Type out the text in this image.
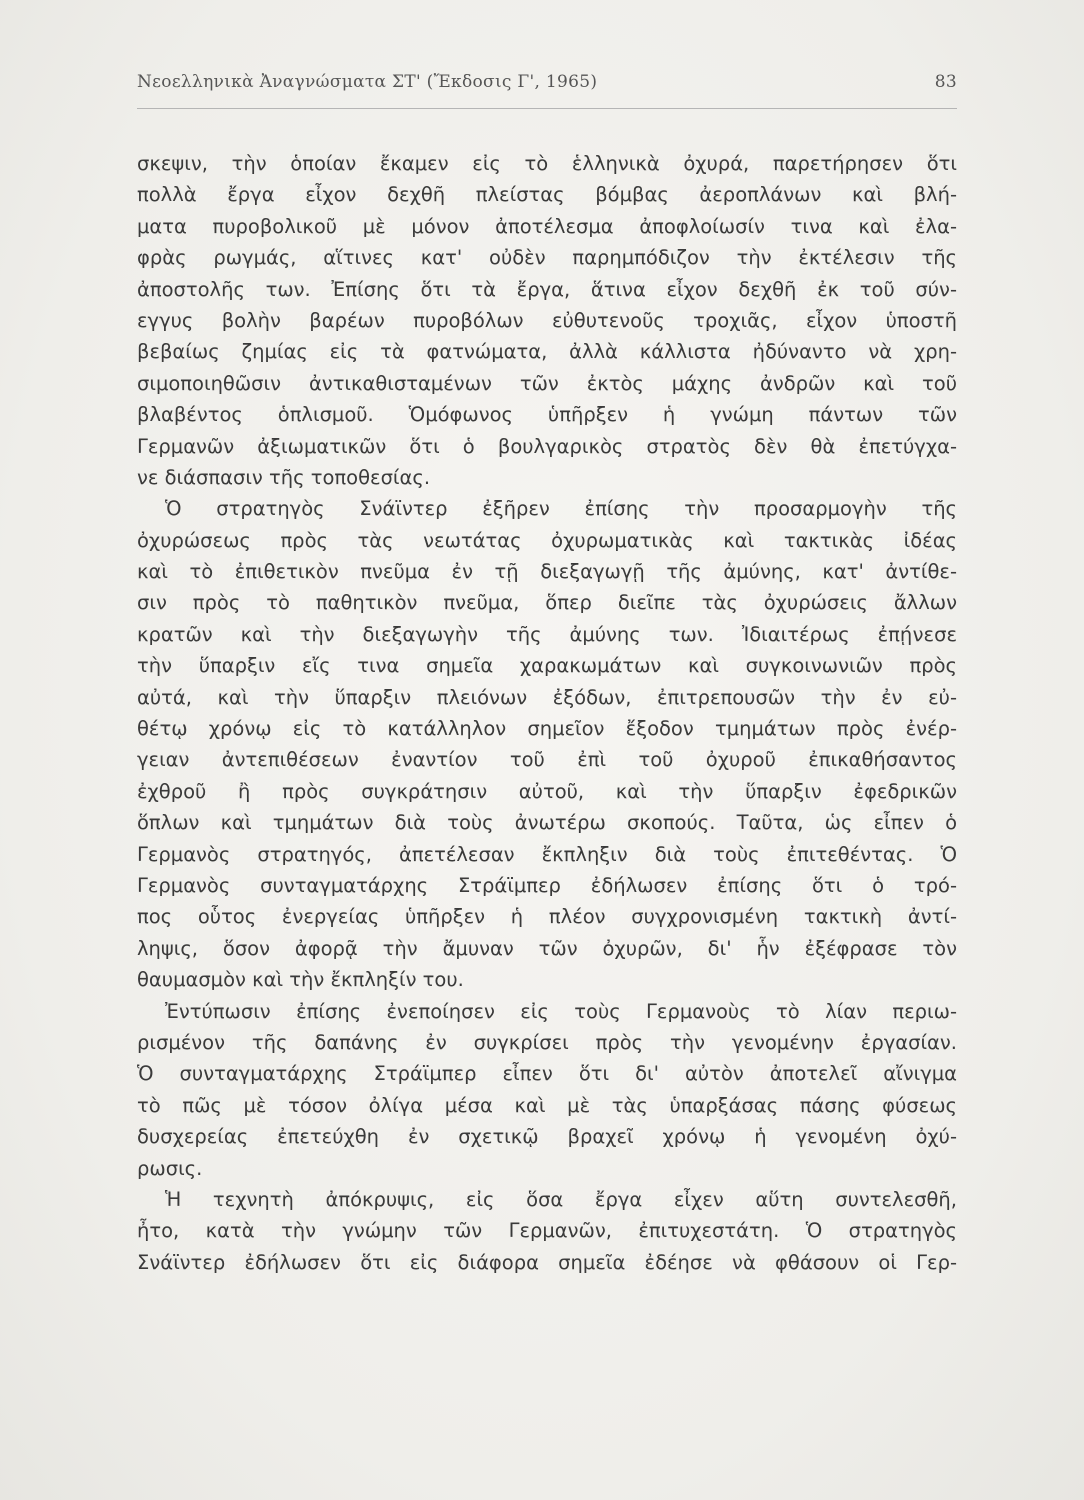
Νεοελληνικὰ Ἀναγνώσματα ΣΤ' (Ἔκδοσις Γ', 1965)	83
σκεψιν, τὴν ὁποίαν ἔκαμεν εἰς τὸ ἑλληνικὰ ὀχυρά, παρετήρησεν ὅτι
πολλὰ ἔργα εἶχον δεχθῆ πλείστας βόμβας ἀεροπλάνων καὶ βλή-
ματα πυροβολικοῦ μὲ μόνον ἀποτέλεσμα ἀποφλοίωσίν τινα καὶ ἐλα-
φρὰς ρωγμάς, αἵτινες κατ' οὐδὲν παρημπόδιζον τὴν ἐκτέλεσιν τῆς
ἀποστολῆς των. Ἐπίσης ὅτι τὰ ἔργα, ἅτινα εἶχον δεχθῆ ἐκ τοῦ σύν-
εγγυς βολὴν βαρέων πυροβόλων εὐθυτενοῦς τροχιᾶς, εἶχον ὑποστῆ
βεβαίως ζημίας εἰς τὰ φατνώματα, ἀλλὰ κάλλιστα ἠδύναντο νὰ χρη-
σιμοποιηθῶσιν ἀντικαθισταμένων τῶν ἐκτὸς μάχης ἀνδρῶν καὶ τοῦ
βλαβέντος ὁπλισμοῦ. Ὁμόφωνος ὑπῆρξεν ἡ γνώμη πάντων τῶν
Γερμανῶν ἀξιωματικῶν ὅτι ὁ βουλγαρικὸς στρατὸς δὲν θὰ ἐπετύγχα-
νε διάσπασιν τῆς τοποθεσίας.
Ὁ στρατηγὸς Σνάϊντερ ἐξῆρεν ἐπίσης τὴν προσαρμογὴν τῆς
ὀχυρώσεως πρὸς τὰς νεωτάτας ὀχυρωματικὰς καὶ τακτικὰς ἰδέας
καὶ τὸ ἐπιθετικὸν πνεῦμα ἐν τῇ διεξαγωγῇ τῆς ἀμύνης, κατ' ἀντίθε-
σιν πρὸς τὸ παθητικὸν πνεῦμα, ὅπερ διεῖπε τὰς ὀχυρώσεις ἄλλων
κρατῶν καὶ τὴν διεξαγωγὴν τῆς ἀμύνης των. Ἰδιαιτέρως ἐπῄνεσε
τὴν ὕπαρξιν εἴς τινα σημεῖα χαρακωμάτων καὶ συγκοινωνιῶν πρὸς
αὐτά, καὶ τὴν ὕπαρξιν πλειόνων ἐξόδων, ἐπιτρεπουσῶν τὴν ἐν εὐ-
θέτῳ χρόνῳ εἰς τὸ κατάλληλον σημεῖον ἔξοδον τμημάτων πρὸς ἐνέρ-
γειαν ἀντεπιθέσεων ἐναντίον τοῦ ἐπὶ τοῦ ὀχυροῦ ἐπικαθήσαντος
ἐχθροῦ ἢ πρὸς συγκράτησιν αὐτοῦ, καὶ τὴν ὕπαρξιν ἐφεδρικῶν
ὅπλων καὶ τμημάτων διὰ τοὺς ἀνωτέρω σκοπούς. Ταῦτα, ὡς εἶπεν ὁ
Γερμανὸς στρατηγός, ἀπετέλεσαν ἔκπληξιν διὰ τοὺς ἐπιτεθέντας. Ὁ
Γερμανὸς συνταγματάρχης Στράϊμπερ ἐδήλωσεν ἐπίσης ὅτι ὁ τρό-
πος οὗτος ἐνεργείας ὑπῆρξεν ἡ πλέον συγχρονισμένη τακτικὴ ἀντί-
ληψις, ὅσον ἀφορᾷ τὴν ἄμυναν τῶν ὀχυρῶν, δι' ἧν ἐξέφρασε τὸν
θαυμασμὸν καὶ τὴν ἔκπληξίν του.
Ἐντύπωσιν ἐπίσης ἐνεποίησεν εἰς τοὺς Γερμανοὺς τὸ λίαν περιω-
ρισμένον τῆς δαπάνης ἐν συγκρίσει πρὸς τὴν γενομένην ἐργασίαν.
Ὁ συνταγματάρχης Στράϊμπερ εἶπεν ὅτι δι' αὐτὸν ἀποτελεῖ αἴνιγμα
τὸ πῶς μὲ τόσον ὀλίγα μέσα καὶ μὲ τὰς ὑπαρξάσας πάσης φύσεως
δυσχερείας ἐπετεύχθη ἐν σχετικῷ βραχεῖ χρόνῳ ἡ γενομένη ὀχύ-
ρωσις.
Ἡ τεχνητὴ ἀπόκρυψις, εἰς ὅσα ἔργα εἶχεν αὕτη συντελεσθῆ,
ἦτο, κατὰ τὴν γνώμην τῶν Γερμανῶν, ἐπιτυχεστάτη. Ὁ στρατηγὸς
Σνάϊντερ ἐδήλωσεν ὅτι εἰς διάφορα σημεῖα ἐδέησε νὰ φθάσουν οἱ Γερ-
